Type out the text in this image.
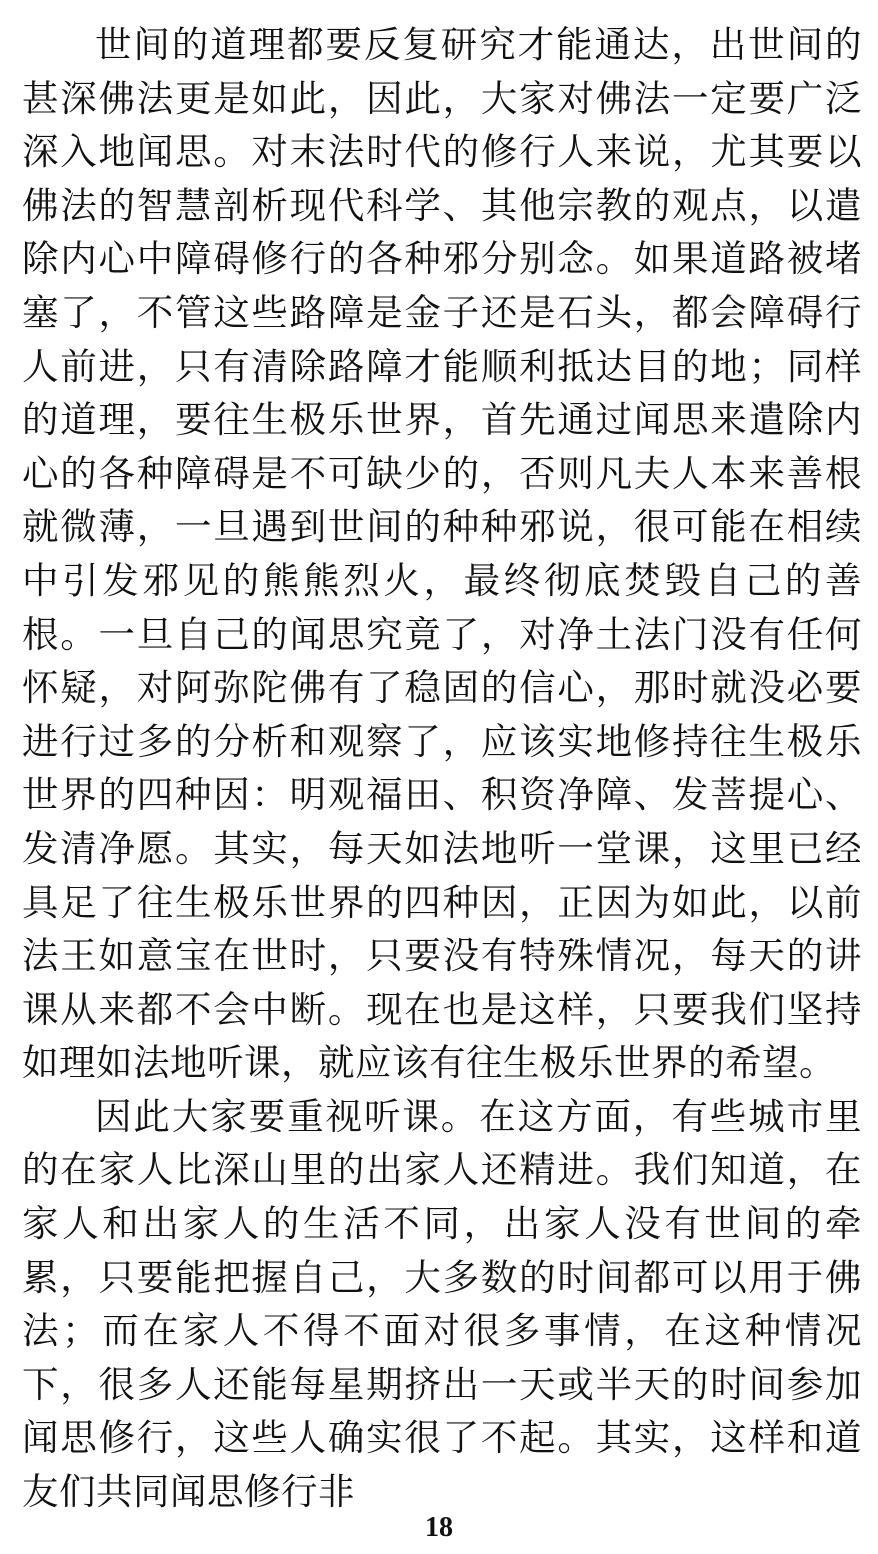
世间的道理都要反复研究才能通达，出世间的甚深佛法更是如此，因此，大家对佛法一定要广泛深入地闻思。对末法时代的修行人来说，尤其要以佛法的智慧剖析现代科学、其他宗教的观点，以遣除内心中障碍修行的各种邪分别念。如果道路被堵塞了，不管这些路障是金子还是石头，都会障碍行人前进，只有清除路障才能顺利抵达目的地；同样的道理，要往生极乐世界，首先通过闻思来遣除内心的各种障碍是不可缺少的，否则凡夫人本来善根就微薄，一旦遇到世间的种种邪说，很可能在相续中引发邪见的熊熊烈火，最终彻底焚毁自己的善根。一旦自己的闻思究竟了，对净土法门没有任何怀疑，对阿弥陀佛有了稳固的信心，那时就没必要进行过多的分析和观察了，应该实地修持往生极乐世界的四种因：明观福田、积资净障、发菩提心、发清净愿。其实，每天如法地听一堂课，这里已经具足了往生极乐世界的四种因，正因为如此，以前法王如意宝在世时，只要没有特殊情况，每天的讲课从来都不会中断。现在也是这样，只要我们坚持如理如法地听课，就应该有往生极乐世界的希望。

因此大家要重视听课。在这方面，有些城市里的在家人比深山里的出家人还精进。我们知道，在家人和出家人的生活不同，出家人没有世间的牵累，只要能把握自己，大多数的时间都可以用于佛法；而在家人不得不面对很多事情，在这种情况下，很多人还能每星期挤出一天或半天的时间参加闻思修行，这些人确实很了不起。其实，这样和道友们共同闻思修行非

18
